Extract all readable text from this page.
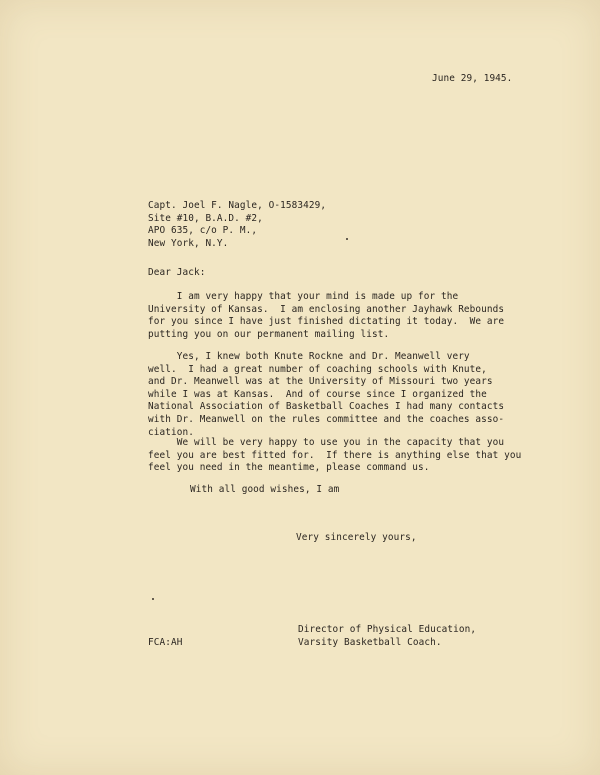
June 29, 1945.
Capt. Joel F. Nagle, O-1583429,
Site #10, B.A.D. #2,
APO 635, c/o P. M.,
New York, N.Y.
Dear Jack:
I am very happy that your mind is made up for the
University of Kansas.  I am enclosing another Jayhawk Rebounds
for you since I have just finished dictating it today.  We are
putting you on our permanent mailing list.
Yes, I knew both Knute Rockne and Dr. Meanwell very
well.  I had a great number of coaching schools with Knute,
and Dr. Meanwell was at the University of Missouri two years
while I was at Kansas.  And of course since I organized the
National Association of Basketball Coaches I had many contacts
with Dr. Meanwell on the rules committee and the coaches asso-
ciation.
We will be very happy to use you in the capacity that you
feel you are best fitted for.  If there is anything else that you
feel you need in the meantime, please command us.
With all good wishes, I am
Very sincerely yours,
Director of Physical Education,
Varsity Basketball Coach.
FCA:AH
